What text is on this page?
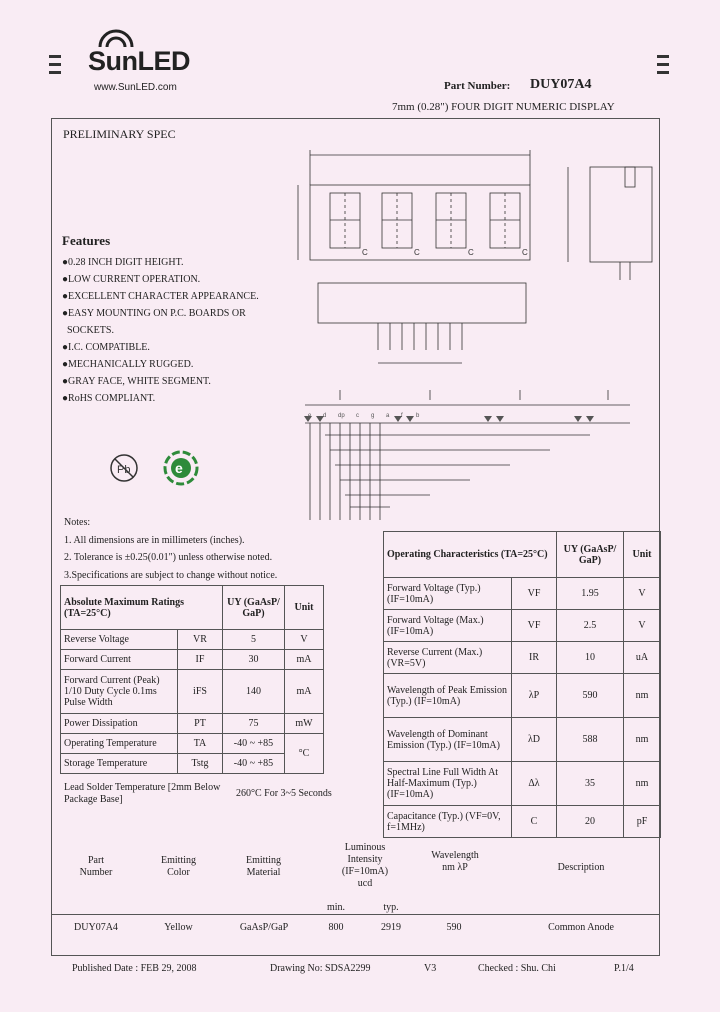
SunLED
www.SunLED.com	Part Number: DUY07A4
7mm (0.28") FOUR DIGIT NUMERIC DISPLAY
PRELIMINARY SPEC
C	C	C	C
d dp c g a	b
Features
●0.28 INCH DIGIT HEIGHT.
●LOW CURRENT OPERATION.
●EXCELLENT CHARACTER APPEARANCE.
●EASY MOUNTING ON P.C. BOARDS OR
SOCKETS.
●I.C. COMPATIBLE.
●MECHANICALLY RUGGED.
●GRAY FACE, WHITE SEGMENT.
●RoHS COMPLIANT.
Pb	e
Notes:
1. All dimensions are in millimeters (inches).
2. Tolerance is ±0.25(0.01") unless otherwise noted.
3.Specifications are subject to change without notice.
Absolute Maximum Ratings (TA=25°C)		UY (GaAsP/ GaP)	Unit
Reverse Voltage	VR	5	V
Forward Current	IF	30	mA
Forward Current (Peak) 1/10 Duty Cycle 0.1ms Pulse Width	iFS	140	mA
Power Dissipation	PT	75	mW
Operating Temperature	TA	-40 ~ +85	°C
Storage Temperature	Tstg	-40 ~ +85	
Lead Solder Temperature [2mm Below Package Base]
260°C For 3~5 Seconds
Operating Characteristics (TA=25°C)		UY (GaAsP/ GaP)	Unit
Forward Voltage (Typ.) (IF=10mA)	VF	1.95	V
Forward Voltage (Max.) (IF=10mA)	VF	2.5	V
Reverse Current (Max.) (VR=5V)	IR	10	uA
Wavelength of Peak Emission (Typ.) (IF=10mA)	λP	590	nm
Wavelength of Dominant Emission (Typ.) (IF=10mA)	λD	588	nm
Spectral Line Full Width At Half-Maximum (Typ.) (IF=10mA)	Δλ	35	nm
Capacitance (Typ.) (VF=0V, f=1MHz)	C	20	pF
Part Number
Emitting Color
Emitting Material
Luminous Intensity (IF=10mA) ucd
Wavelength nm λP	Description
min.	typ.
DUY07A4	Yellow	GaAsP/GaP	800	2919	590	Common Anode
Published Date : FEB 29, 2008	Drawing No: SDSA2299	V3	Checked : Shu. Chi	P.1/4
